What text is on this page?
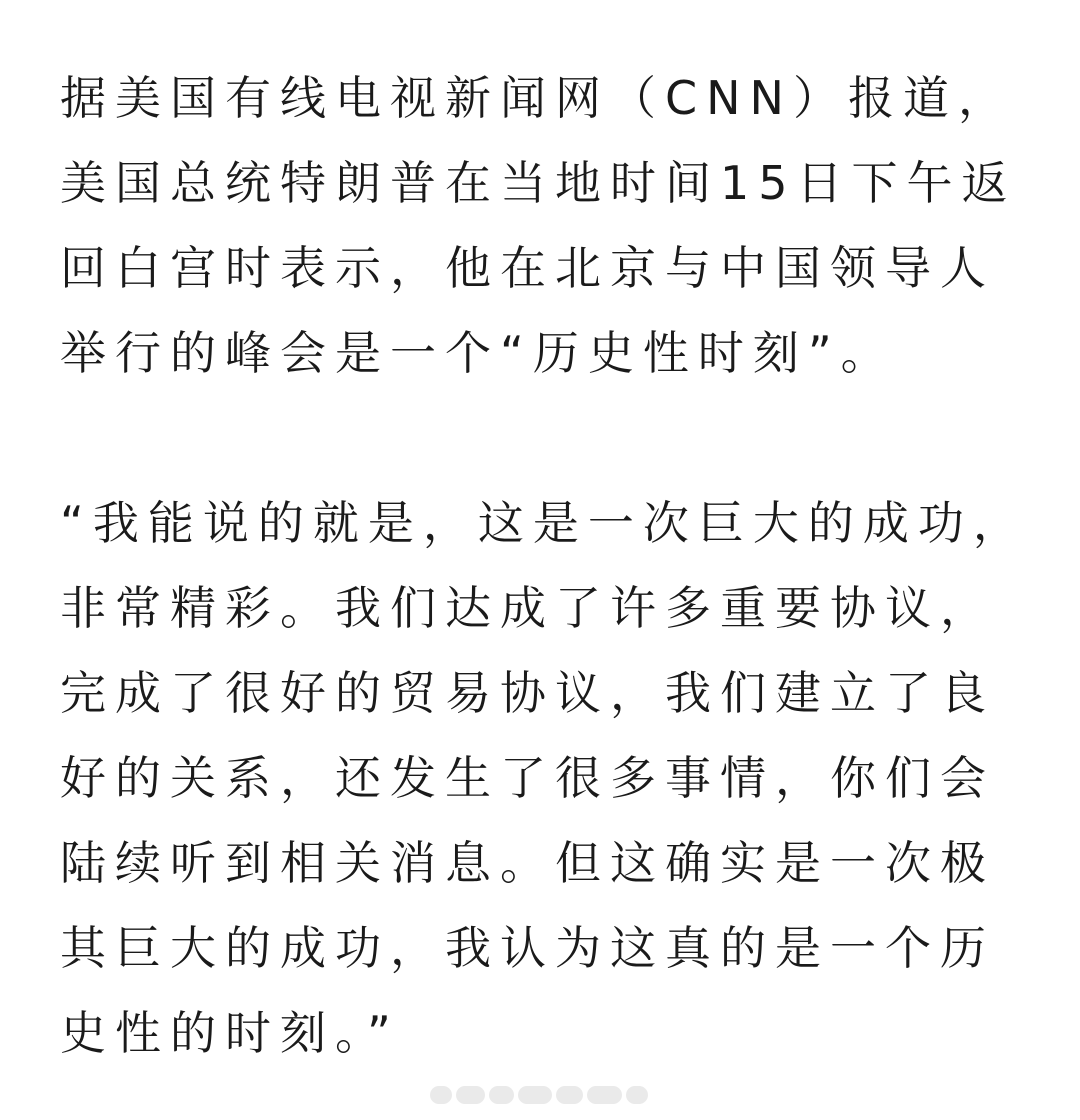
据美国有线电视新闻网（CNN）报道，
美国总统特朗普在当地时间15日下午返
回白宫时表示，他在北京与中国领导人
举行的峰会是一个“历史性时刻”。

“我能说的就是，这是一次巨大的成功，
非常精彩。我们达成了许多重要协议，
完成了很好的贸易协议，我们建立了良
好的关系，还发生了很多事情，你们会
陆续听到相关消息。但这确实是一次极
其巨大的成功，我认为这真的是一个历
史性的时刻。”
